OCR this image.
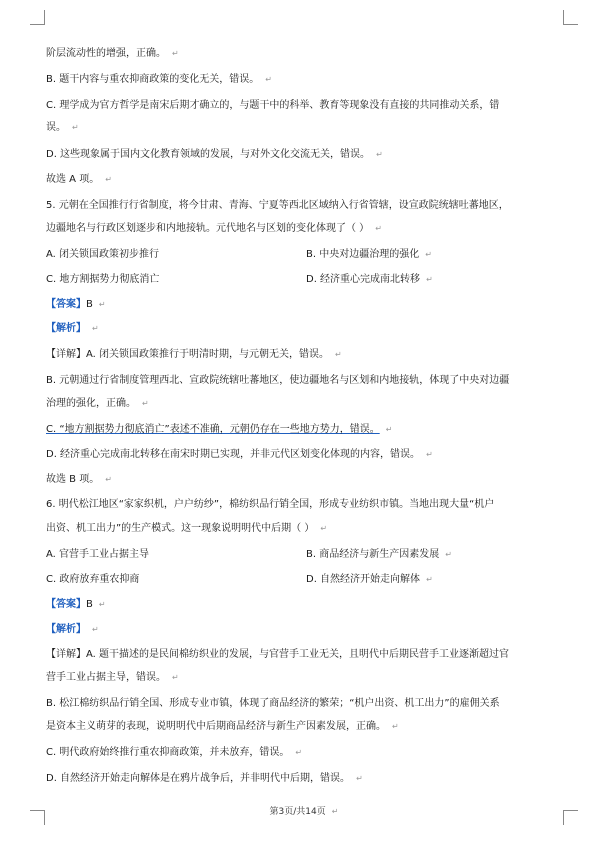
阶层流动性的增强，正确。 ↵
B. 题干内容与重农抑商政策的变化无关，错误。 ↵
C. 理学成为官方哲学是南宋后期才确立的，与题干中的科举、教育等现象没有直接的共同推动关系，错
误。 ↵
D. 这些现象属于国内文化教育领域的发展，与对外文化交流无关，错误。 ↵
故选 A 项。 ↵
5. 元朝在全国推行行省制度，将今甘肃、青海、宁夏等西北区域纳入行省管辖，设宣政院统辖吐蕃地区，
边疆地名与行政区划逐步和内地接轨。元代地名与区划的变化体现了（ ） ↵
A. 闭关锁国政策初步推行	B. 中央对边疆治理的强化 ↵
C. 地方割据势力彻底消亡	D. 经济重心完成南北转移 ↵
【答案】B ↵
【解析】 ↵
【详解】A. 闭关锁国政策推行于明清时期，与元朝无关，错误。 ↵
B. 元朝通过行省制度管理西北、宣政院统辖吐蕃地区，使边疆地名与区划和内地接轨，体现了中央对边疆
治理的强化，正确。 ↵
C. “地方割据势力彻底消亡”表述不准确，元朝仍存在一些地方势力，错误。 ↵
D. 经济重心完成南北转移在南宋时期已实现，并非元代区划变化体现的内容，错误。 ↵
故选 B 项。 ↵
6. 明代松江地区“家家织机，户户纺纱”，棉纺织品行销全国，形成专业纺织市镇。当地出现大量“机户
出资、机工出力”的生产模式。这一现象说明明代中后期（ ） ↵
A. 官营手工业占据主导	B. 商品经济与新生产因素发展 ↵
C. 政府放弃重农抑商	D. 自然经济开始走向解体 ↵
【答案】B ↵
【解析】 ↵
【详解】A. 题干描述的是民间棉纺织业的发展，与官营手工业无关，且明代中后期民营手工业逐渐超过官
营手工业占据主导，错误。 ↵
B. 松江棉纺织品行销全国、形成专业市镇，体现了商品经济的繁荣；“机户出资、机工出力”的雇佣关系
是资本主义萌芽的表现，说明明代中后期商品经济与新生产因素发展，正确。 ↵
C. 明代政府始终推行重农抑商政策，并未放弃，错误。 ↵
D. 自然经济开始走向解体是在鸦片战争后，并非明代中后期，错误。 ↵
第3页/共14页 ↵
